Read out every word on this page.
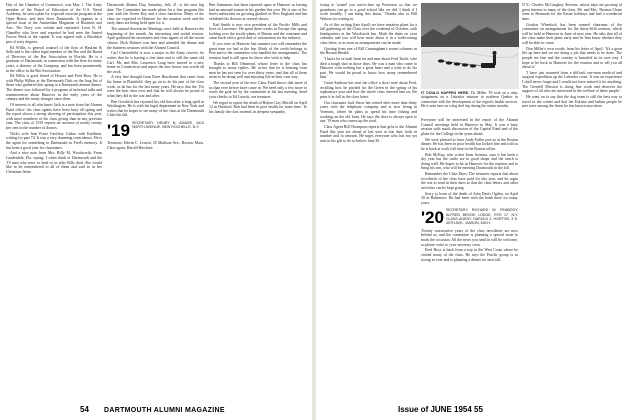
Day of the Chamber of Commerce, was May 1. The Army member of the Board of Education of the U.S. Naval Academy, he sent a plan for a special exercise program at the Open House, and later drew Dartmouth. It appears in a special issue of the Amsterdam Magazine of Business and Arts. The Navy was written and reprinted. Leon N. H. Chandler who lives and reported he had seen the Armed Forces Week at the capital. It was signed with a Brooklyn pen of sixty degrees.

Ed Willis, is general counsel of the firm of Haskins & Sells and is the oldest legal member of the Bar and the Board of Directors of the Bar Association in Florida. He is a graduate of Dartmouth, in connection with the firm for many years, a director of the Company, and has been prominently in the office in the Bar Association.

Ed Willis is good friend of Horace and Fred Ross. He is with Philip Wilbur at the Dartmouth Club on the long list of those who gathered this spring at a Dartmouth alumni dinner. The dinner was followed by a program of informal talks and reminiscences about Hanover in the early years of the century and the many changes since then.

Of interest to all who knew Jack is a note from the Alumni Fund office: his class agents have been busy all spring and the report shows a strong showing of participation this year, with more members of the class giving than in any previous year. The class of 1919 reports an increase of nearly twenty per cent in the number of donors.

Nick's wife Jean Foote Geoffrey Cathro with Kathleen, writing for part 74. It was a very charming coincidence. He is the agent for something to Dartmouth in Fred's memory. It has been a good year for classmates.

And a nice note from Mrs. Billy M. Woodworth. From Lauderdale, Fla. saying: I often think of Dartmouth and the '19 men who were so kind to us after Billy died. She would like to be remembered to all of them and said so in her Christmas letter.

Dartmouth Alumni Day, Saturday, July 21, is the next big date. The Committee has made plans for a fine program this year with the Green Key and a class luncheon. Many of the class are expected in Hanover for the reunion week and the early dates are being held open for it.

The annual Secretaries Meetings were held at Hanover the beginning of the month. An interesting and useful session. April gathered the secretaries and class agents of all the recent classes. Dick Holmes was here and attended the dinner and the business sessions with the Alumni Council.

Carl Chesterfield is now a major in the Army reserve; he writes that he is having a fine time and is still the same old Carl. Mr. and Mrs. Lawrence Long have moved to a new home in Connecticut and report the new house was worth all the work.

A very fine thought from Dave Hawthorne that came from his home in Plainfield: they go on to do his part of the class work, as he has for the last many years. He says that the '19s were the best class ever and that he will always be proud of what they did in the war and after.

Ben Goodrich has rejoined his old firm after a long spell in Washington. He is with the legal department in New York and writes that he hopes to see many of the class at the Dartmouth Club this fall.

'19 SECRETARY, HENRY N. ADAMS, 1613 NORTH AVENUE, NEW ROCHELLE, N.Y.

Treasurer, Edwin C. Leavitt, 35 Madison Ave., Boston, Mass. Class agent, Harold Hawkins.

Ben Gammons has been reported upon at Hanover as having had an unusual season in his garden this year. He is one of the finest authorities on growing gladioli in New England and has exhibited his flowers at several shows.

Earl Smith is now vice president of the Pacific Mills and lives in Lawrence. He spent three weeks in Europe this spring looking over the textile plants of Britain and the continent and came back with a good deal of information for the industry.

If you were at Hanover last summer you will remember the great time we had at the Inn. Much of the credit belongs to Pete and to the committee who handled the arrangements. The reunion fund is still open for those who wish to help.

Thanks to Bill Olmstead, whose letter to the class has brought so many replies. He writes that he is hearing from men he has not seen for over thirty years, and that all of them seem to be doing well and enjoying life in their own way.

The second year of the new Class Fund shows that more of us than ever before have come in. We need only a few more to reach the goal set by the committee at the last meeting. Send your checks to Ed Leavitt, our treasurer.

We regret to report the death of Robert Guy Merrill on April 12 in Hartford. Bob had been in poor health for some time. To his family the class extends its deepest sympathy.

54 DARTMOUTH ALUMNI MAGAZINE

trying to 'sound' you out-to-face up Princeton so that we grandsons can go to a good school like we did. I think if I work steadily, I can bring this about.' Thanks also to Bill Watson for writing in.

As of this writing (late April) we have tentative plans for a fall gathering of the Class over the weekend of October, with headquarters at the Woodstock Inn. Mark the dates on your calendar and you will hear more about it in a forthcoming class letter, or as soon as arrangements can be made.

Quoting from one of Bill Cunningham's recent columns in the Boston Herald:

'I had a lot of mail from far and near about Fred Tuttle, who died a tough shot in those days. He was a man who came to Hanover with nothing but a great heart and a wish to do his part. He would be proud to know how many remembered him.'

Grant Sanborn has sent the office a short note about Fred, recalling how he pitched for the Green in the spring of his sophomore year and how the whole class cheered him on. We print it in full in the class letter.

Our classmate Jack Snow has retired after more than thirty years with the telephone company and is now living in Vermont, where he plans to spend his time fishing and working on the old farm. He says the door is always open to any '19 man who comes up the road.

Class Agent Bill Thompson reports that gifts to the Alumni Fund this year are ahead of last year at this date, both in number and in amount. He urges everyone who has not yet sent in his gift to do so before June 30.

IT COULD HAPPEN HERE: Dr. Miller '19 took on a risky assignment on a Labrador mission in northern Quebec in connection with the development of the region's health services. He is seen here on a dog sled trip during the winter months.

Everyone will be interested in the report of the Alumni Council meetings held in Hanover in May. It was a busy session with much discussion of the Capital Fund and of the plans for the College in the years ahead.

We were pleased to have Andy Fuller join us at the Boston dinner. He has been in poor health but looked fine and told us he is back at work full time in the Boston office.

Bob McKay, who writes from Arizona, says it has been a dry year but the cattle are in good shape and the ranch is doing well. He hopes to be in Hanover for the reunion and to bring his son, who will be entering Dartmouth in the fall.

Remember the Class Dues. The treasurer reports that about two-thirds of the class have paid for this year, and he urges the rest to send in their dues so that the class letters and other activities can be kept going.

Sorry to learn of the death of John Davis Ogden, on April 30 in Baltimore. He had been with the bank there for many years.

'20 SECRETARY, RICHARD W. PEABODY, ALFRED BROOK LODGE, RYE 17, N.Y. CLASS AGENT, HAROLD J. HORTON, 3 E. 45TH AVE., MASON, MICH.

Twenty consecutive years of the class newsletter are now behind us, and the committee is planning a special issue to mark the occasion. All the news you send in will be welcome, so please write to your secretary soon.

Fred Hoyt is back from a trip to the West Coast where he visited many of the class. He says the Pacific group is as strong as ever and is planning a dinner for next fall.

N.Y.; Charles McCaughey Stevens, whose trips are proving of great interest to many of the class. Mr. and Mrs. Thomas Chase went to Bermuda for the Easter holidays and had a wonderful time.

Gordon Wheelock has been named chairman of the committee on arrangements for the thirty-fifth reunion, which will be held in Hanover in June of next year. He asks that all of the class make their plans early and let him know whether they will be able to come.

Don Miller's own words, from his letter of April: 'It's a great life up here and we are doing a job that needs to be done. The people are fine and the country is beautiful in its own way. I hope to be back in Hanover for the reunion and to tell you all about it.'

'I have just returned from a difficult one-man medical and surgical expedition up the Labrador coast. It was an experience I shall never forget and I would not have missed it for anything. The Grenfell Mission is doing fine work and deserves the support of all who are interested in the welfare of these people.'

He went on to say that the dog team is still the best way to travel in the winter and that the Eskimo and Indian people he met were among the finest he has known anywhere.

Issue of JUNE 1954 55
